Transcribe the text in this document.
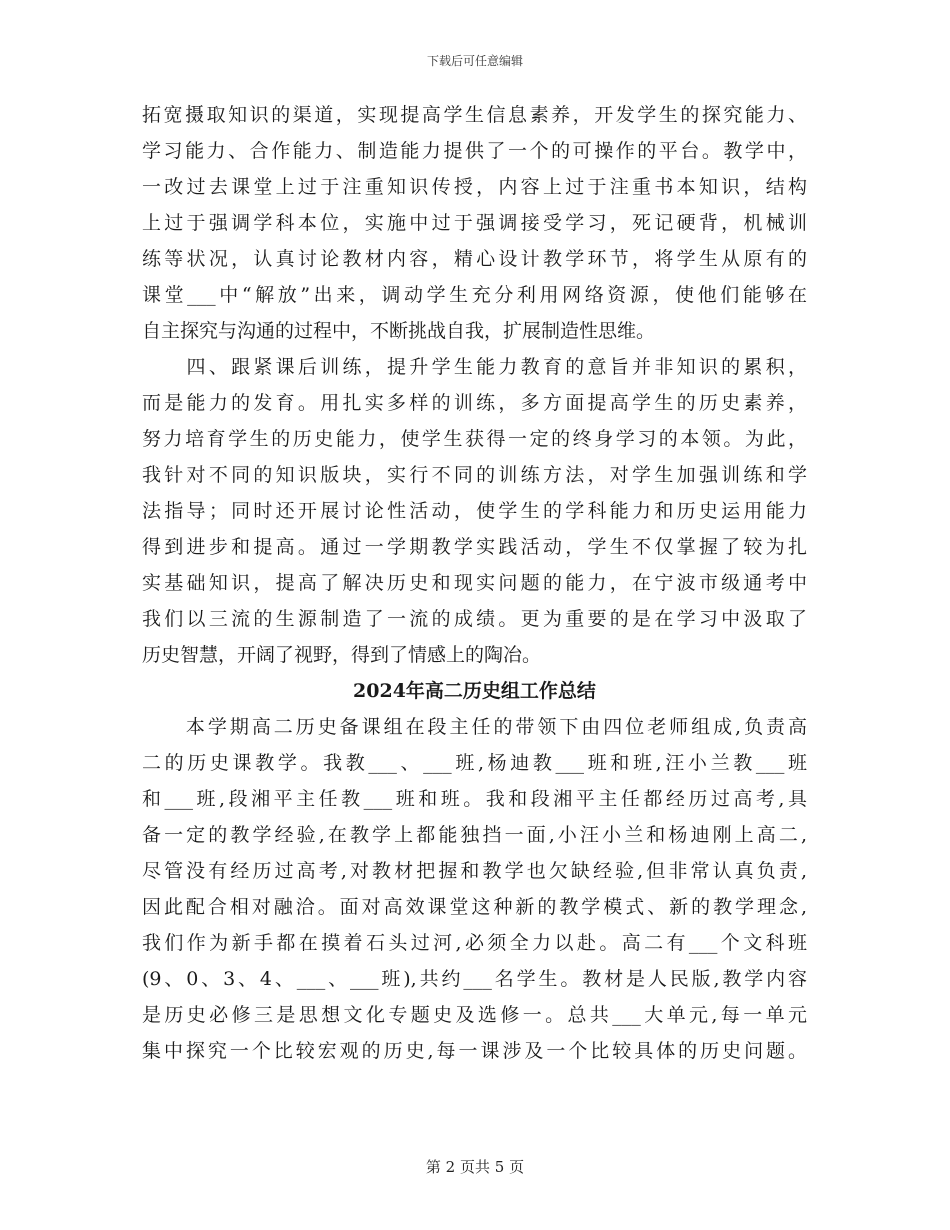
下载后可任意编辑
拓宽摄取知识的渠道，实现提高学生信息素养，开发学生的探究能力、
学习能力、合作能力、制造能力提供了一个的可操作的平台。教学中，
一改过去课堂上过于注重知识传授，内容上过于注重书本知识，结构
上过于强调学科本位，实施中过于强调接受学习，死记硬背，机械训
练等状况，认真讨论教材内容，精心设计教学环节，将学生从原有的
课堂___中“解放”出来，调动学生充分利用网络资源，使他们能够在
自主探究与沟通的过程中，不断挑战自我，扩展制造性思维。
　　四、跟紧课后训练，提升学生能力教育的意旨并非知识的累积，
而是能力的发育。用扎实多样的训练，多方面提高学生的历史素养，
努力培育学生的历史能力，使学生获得一定的终身学习的本领。为此，
我针对不同的知识版块，实行不同的训练方法，对学生加强训练和学
法指导；同时还开展讨论性活动，使学生的学科能力和历史运用能力
得到进步和提高。通过一学期教学实践活动，学生不仅掌握了较为扎
实基础知识，提高了解决历史和现实问题的能力，在宁波市级通考中
我们以三流的生源制造了一流的成绩。更为重要的是在学习中汲取了
历史智慧，开阔了视野，得到了情感上的陶冶。
2024年高二历史组工作总结
　　本学期高二历史备课组在段主任的带领下由四位老师组成,负责高
二的历史课教学。我教___、___班,杨迪教___班和班,汪小兰教___班
和___班,段湘平主任教___班和班。我和段湘平主任都经历过高考,具
备一定的教学经验,在教学上都能独挡一面,小汪小兰和杨迪刚上高二,
尽管没有经历过高考,对教材把握和教学也欠缺经验,但非常认真负责,
因此配合相对融洽。面对高效课堂这种新的教学模式、新的教学理念,
我们作为新手都在摸着石头过河,必须全力以赴。高二有___个文科班
(9、0、3、4、___、___班),共约___名学生。教材是人民版,教学内容
是历史必修三是思想文化专题史及选修一。总共___大单元,每一单元
集中探究一个比较宏观的历史,每一课涉及一个比较具体的历史问题。
第 2 页共 5 页
